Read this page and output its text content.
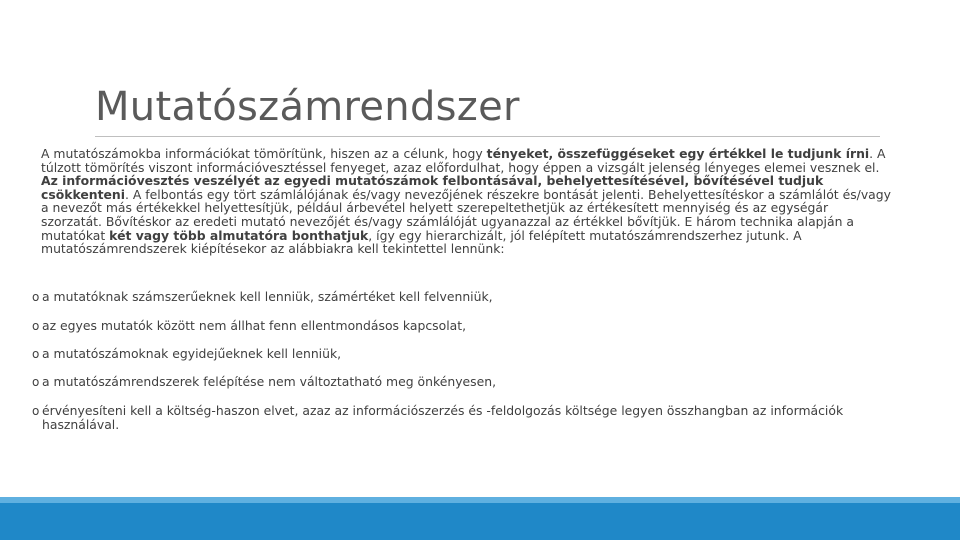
Mutatószámrendszer

A mutatószámokba információkat tömörítünk, hiszen az a célunk, hogy tényeket, összefüggéseket egy értékkel le tudjunk írni. A túlzott tömörítés viszont információvesztéssel fenyeget, azaz előfordulhat, hogy éppen a vizsgált jelenség lényeges elemei vesznek el. Az információvesztés veszélyét az egyedi mutatószámok felbontásával, behelyettesítésével, bővítésével tudjuk csökkenteni. A felbontás egy tört számlálójának és/vagy nevezőjének részekre bontását jelenti. Behelyettesítéskor a számlálót és/vagy a nevezőt más értékekkel helyettesítjük, például árbevétel helyett szerepeltethetjük az értékesített mennyiség és az egységár szorzatát. Bővítéskor az eredeti mutató nevezőjét és/vagy számlálóját ugyanazzal az értékkel bővítjük. E három technika alapján a mutatókat két vagy több almutatóra bonthatjuk, így egy hierarchizált, jól felépített mutatószámrendszerhez jutunk. A mutatószámrendszerek kiépítésekor az alábbiakra kell tekintettel lennünk:

o a mutatóknak számszerűeknek kell lenniük, számértéket kell felvenniük,
o az egyes mutatók között nem állhat fenn ellentmondásos kapcsolat,
o a mutatószámoknak egyidejűeknek kell lenniük,
o a mutatószámrendszerek felépítése nem változtatható meg önkényesen,
o érvényesíteni kell a költség-haszon elvet, azaz az információszerzés és -feldolgozás költsége legyen összhangban az információk használával.
